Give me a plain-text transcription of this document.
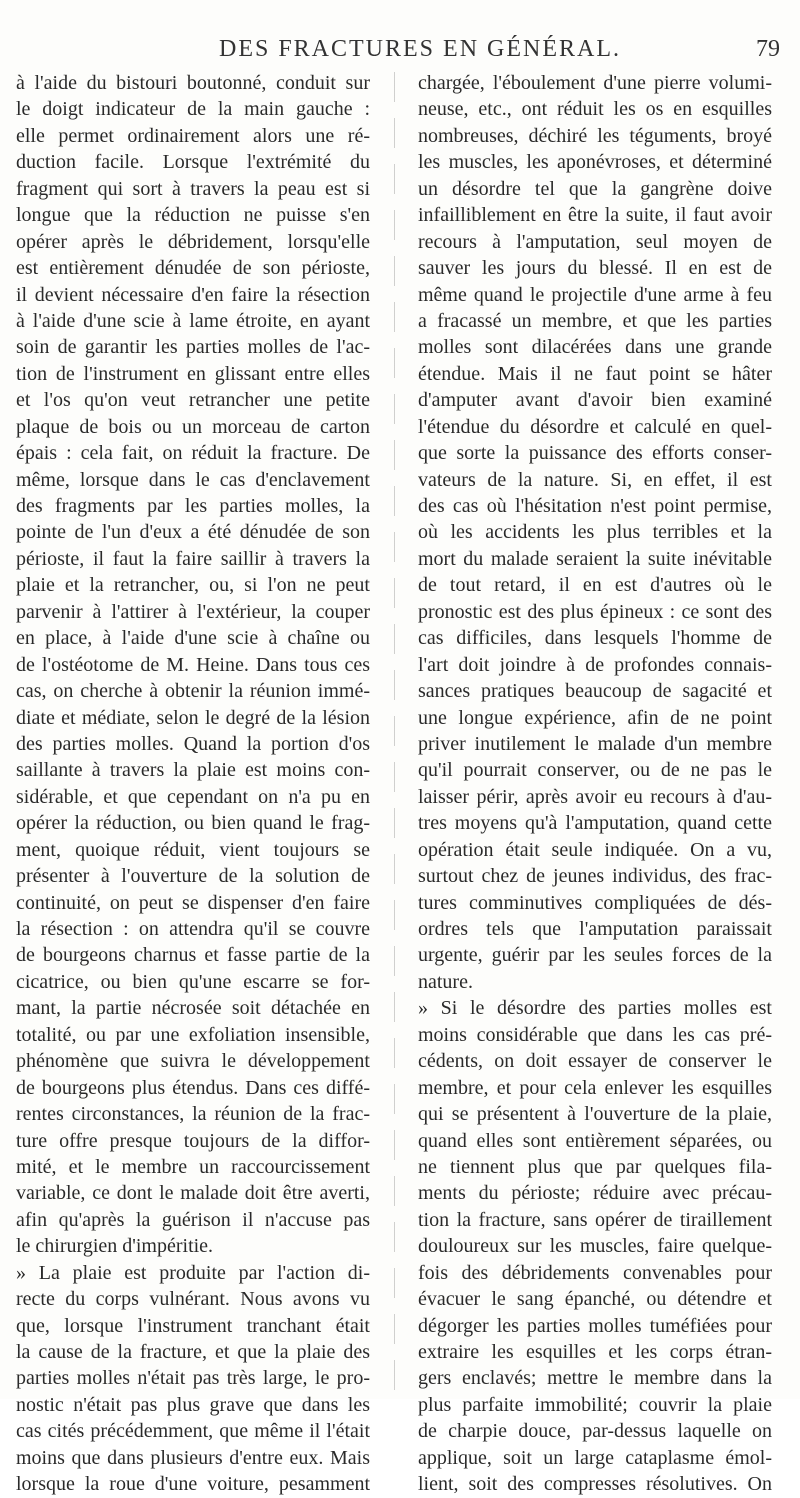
DES FRACTURES EN GÉNÉRAL.	79
à l'aide du bistouri boutonné, conduit sur
le doigt indicateur de la main gauche :
elle permet ordinairement alors une ré-
duction facile. Lorsque l'extrémité du
fragment qui sort à travers la peau est si
longue que la réduction ne puisse s'en
opérer après le débridement, lorsqu'elle
est entièrement dénudée de son périoste,
il devient nécessaire d'en faire la résection
à l'aide d'une scie à lame étroite, en ayant
soin de garantir les parties molles de l'ac-
tion de l'instrument en glissant entre elles
et l'os qu'on veut retrancher une petite
plaque de bois ou un morceau de carton
épais : cela fait, on réduit la fracture. De
même, lorsque dans le cas d'enclavement
des fragments par les parties molles, la
pointe de l'un d'eux a été dénudée de son
périoste, il faut la faire saillir à travers la
plaie et la retrancher, ou, si l'on ne peut
parvenir à l'attirer à l'extérieur, la couper
en place, à l'aide d'une scie à chaîne ou
de l'ostéotome de M. Heine. Dans tous ces
cas, on cherche à obtenir la réunion immé-
diate et médiate, selon le degré de la lésion
des parties molles. Quand la portion d'os
saillante à travers la plaie est moins con-
sidérable, et que cependant on n'a pu en
opérer la réduction, ou bien quand le frag-
ment, quoique réduit, vient toujours se
présenter à l'ouverture de la solution de
continuité, on peut se dispenser d'en faire
la résection : on attendra qu'il se couvre
de bourgeons charnus et fasse partie de la
cicatrice, ou bien qu'une escarre se for-
mant, la partie nécrosée soit détachée en
totalité, ou par une exfoliation insensible,
phénomène que suivra le développement
de bourgeons plus étendus. Dans ces diffé-
rentes circonstances, la réunion de la frac-
ture offre presque toujours de la diffor-
mité, et le membre un raccourcissement
variable, ce dont le malade doit être averti,
afin qu'après la guérison il n'accuse pas
le chirurgien d'impéritie.
» La plaie est produite par l'action di-
recte du corps vulnérant. Nous avons vu
que, lorsque l'instrument tranchant était
la cause de la fracture, et que la plaie des
parties molles n'était pas très large, le pro-
nostic n'était pas plus grave que dans les
cas cités précédemment, que même il l'était
moins que dans plusieurs d'entre eux. Mais
lorsque la roue d'une voiture, pesamment
chargée, l'éboulement d'une pierre volumi-
neuse, etc., ont réduit les os en esquilles
nombreuses, déchiré les téguments, broyé
les muscles, les aponévroses, et déterminé
un désordre tel que la gangrène doive
infailliblement en être la suite, il faut avoir
recours à l'amputation, seul moyen de
sauver les jours du blessé. Il en est de
même quand le projectile d'une arme à feu
a fracassé un membre, et que les parties
molles sont dilacérées dans une grande
étendue. Mais il ne faut point se hâter
d'amputer avant d'avoir bien examiné
l'étendue du désordre et calculé en quel-
que sorte la puissance des efforts conser-
vateurs de la nature. Si, en effet, il est
des cas où l'hésitation n'est point permise,
où les accidents les plus terribles et la
mort du malade seraient la suite inévitable
de tout retard, il en est d'autres où le
pronostic est des plus épineux : ce sont des
cas difficiles, dans lesquels l'homme de
l'art doit joindre à de profondes connais-
sances pratiques beaucoup de sagacité et
une longue expérience, afin de ne point
priver inutilement le malade d'un membre
qu'il pourrait conserver, ou de ne pas le
laisser périr, après avoir eu recours à d'au-
tres moyens qu'à l'amputation, quand cette
opération était seule indiquée. On a vu,
surtout chez de jeunes individus, des frac-
tures comminutives compliquées de dés-
ordres tels que l'amputation paraissait
urgente, guérir par les seules forces de la
nature.
» Si le désordre des parties molles est
moins considérable que dans les cas pré-
cédents, on doit essayer de conserver le
membre, et pour cela enlever les esquilles
qui se présentent à l'ouverture de la plaie,
quand elles sont entièrement séparées, ou
ne tiennent plus que par quelques fila-
ments du périoste; réduire avec précau-
tion la fracture, sans opérer de tiraillement
douloureux sur les muscles, faire quelque-
fois des débridements convenables pour
évacuer le sang épanché, ou détendre et
dégorger les parties molles tuméfiées pour
extraire les esquilles et les corps étran-
gers enclavés; mettre le membre dans la
plus parfaite immobilité; couvrir la plaie
de charpie douce, par-dessus laquelle on
applique, soit un large cataplasme émol-
lient, soit des compresses résolutives. On
